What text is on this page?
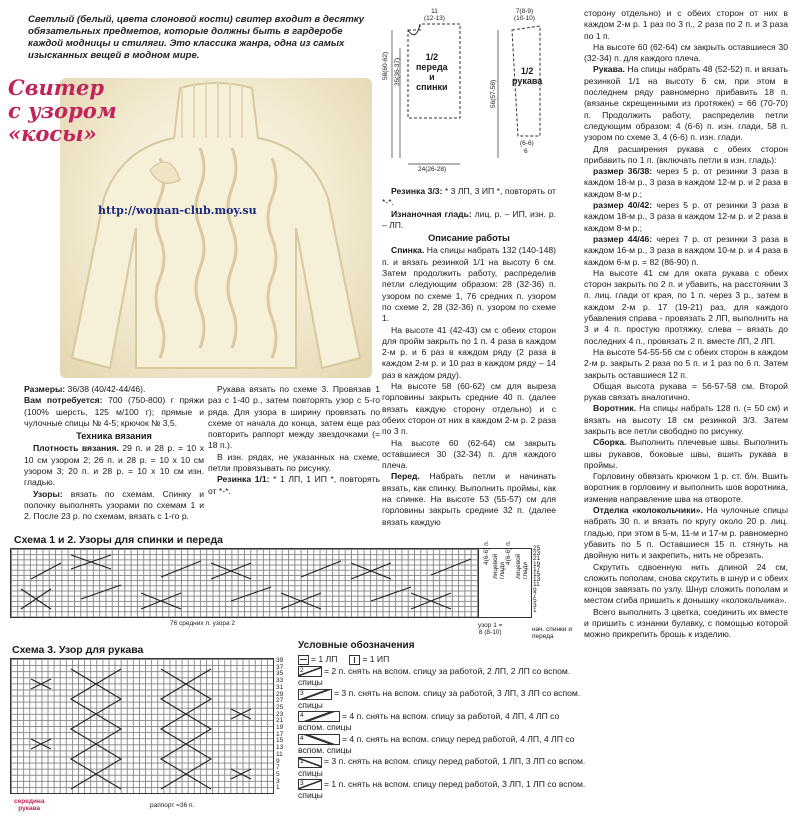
Светлый (белый, цвета слоновой кости) свитер входит в десятку обязательных предметов, которые должны быть в гардеробе каждой модницы и стиляги. Это классика жанра, одна из самых изысканных вещей в модном мире.
http://woman-club.moy.su
Свитер
с узором
«косы»
11
(12-13)
1/2
переда
и
спинки
58(60-62) 35(36-37)
24(26-28)
7(8-9)
(10-10)
1/2
рукава
56(57-58)
(6-6)
6

Размеры: 36/38 (40/42-44/46).

Вам потребуется: 700 (750-800) г пряжи (100% шерсть, 125 м/100 г); прямые и чулочные спицы № 4-5; крючок № 3,5.

Техника вязания

Плотность вязания. 29 п. и 28 р. = 10 х 10 см узором 2; 26 п. и 28 р. = 10 х 10 см узором 3; 20 п. и 28 р. = 10 х 10 см изн. гладью.

Узоры: вязать по схемам. Спинку и полочку выполнять узорами по схемам 1 и 2. После 23 р. по схемам, вязать с 1-го р.

Рукава вязать по схеме 3. Провязав 1 раз с 1-40 р., затем повторять узор с 5-го ряда. Для узора в ширину провязать по схеме от начала до конца, затем еще раз повторить раппорт между звездочками (= 18 п.).

В изн. рядах, не указанных на схеме, петли провязывать по рисунку.

Резинка 1/1: * 1 ЛП, 1 ИП *, повторять от *-*.

Резинка 3/3: * 3 ЛП, 3 ИП *, повторять от *-*.

Изнаночная гладь: лиц. р. – ИП, изн. р. – ЛП.

Описание работы

Спинка. На спицы набрать 132 (140-148) п. и вязать резинкой 1/1 на высоту 6 см. Затем продолжить работу, распределив петли следующим образом: 28 (32-36) п. узором по схеме 1, 76 средних п. узором по схеме 2, 28 (32-36) п. узором по схеме 1.

На высоте 41 (42-43) см с обеих сторон для пройм закрыть по 1 п. 4 раза в каждом 2-м р. и 6 раз в каждом ряду (2 раза в каждом 2-м р. и 10 раз в каждом ряду – 14 раз в каждом ряду).

На высоте 58 (60-62) см для выреза горловины закрыть средние 40 п. (далее вязать каждую сторону отдельно) и с обеих сторон от них в каждом 2-м р. 2 раза по 3 п.

На высоте 60 (62-64) см закрыть оставшиеся 30 (32-34) п. для каждого плеча.

Перед. Набрать петли и начинать вязать, как спинку. Выполнить проймы, как на спинке. На высоте 53 (55-57) см для горловины закрыть средние 32 п. (далее вязать каждую

сторону отдельно) и с обеих сторон от них в каждом 2-м р. 1 раз по 3 п., 2 раза по 2 п. и 3 раза по 1 п.

На высоте 60 (62-64) см закрыть оставшиеся 30 (32-34) п. для каждого плеча.

Рукава. На спицы набрать 48 (52-52) п. и вязать резинкой 1/1 на высоту 6 см, при этом в последнем ряду равномерно прибавить 18 п. (вязанье скрещенными из протяжек) = 66 (70-70) п. Продолжить работу, распределив петли следующим образом: 4 (6-6) п. изн. глади, 58 п. узором по схеме 3, 4 (6-6) п. изн. глади.

Для расширения рукава с обеих сторон прибавить по 1 п. (включать петли в изн. гладь):

размер 36/38: через 5 р. от резинки 3 раза в каждом 18-м р., 3 раза в каждом 12-м р. и 2 раза в каждом 8-м р.;

размер 40/42: через 5 р. от резинки 3 раза в каждом 18-м р., 3 раза в каждом 12-м р. и 2 раза в каждом 8-м р.;

размер 44/46: через 7 р. от резинки 3 раза в каждом 16-м р., 3 раза в каждом 10-м р. и 4 раза в каждом 6-м р. = 82 (86-90) п.

На высоте 41 см для оката рукава с обеих сторон закрыть по 2 п. и убавить, на расстоянии 3 п. лиц. глади от края, по 1 п. через 3 р., затем в каждом 2-м р. 17 (19-21) раз, для каждого убавления справа - провязать 2 ЛП, выполнить на 3 и 4 п. простую протяжку, слева – вязать до последних 4 п., провязать 2 п. вместе ЛП, 2 ЛП.

На высоте 54-55-56 см с обеих сторон в каждом 2-м р. закрыть 2 раза по 5 п. и 1 раз по 6 п. Затем закрыть оставшиеся 12 п.

Общая высота рукава = 56-57-58 см. Второй рукав связать аналогично.

Воротник. На спицы набрать 128 п. (= 50 см) и вязать на высоту 18 см резинкой 3/3. Затем закрыть все петли свободно по рисунку.

Сборка. Выполнить плечевые швы. Выполнить швы рукавов, боковые швы, вшить рукава в проймы.

Горловину обвязать крючком 1 р. ст. б/н. Вшить воротник в горловину и выполнить шов воротника, изменив направление шва на отвороте.

Отделка «колокольчики». На чулочные спицы набрать 30 п. и вязать по кругу около 20 р. лиц. гладью, при этом в 5-м, 11-м и 17-м р. равномерно убавить по 5 п. Оставшиеся 15 п. стянуть на двойную нить и закрепить, нить не обрезать.

Скрутить сдвоенную нить длиной 24 см, сложить пополам, снова скрутить в шнур и с обеих концов завязать по узлу. Шнур сложить пополам и местом сгиба пришить к донышку «колокольчика».

Всего выполнить 3 цветка, соединить их вместе и пришить с изнанки булавку, с помощью которой можно прикрепить брошь к изделию.

Схема 1 и 2. Узоры для спинки и переда
4(6-6) п.
лицевой глади
4(6-6) п.
лицевой глади
25
23
21
19
17
15
13
11
9
7
5
3
1
76 средних п. узора 2	узор 1 =
8 (8-10)	нач. спинки и переда
Схема 3. Узор для рукава
39
37
35
33
31
29
27
25
23
21
19
17
15
13
11
9
7
5
3
1
середина
рукава	раппорт =36 п.
Условные обозначения
= 1 ЛП	= 1 ИП
2 = 2 п. снять на вспом. спицу за работой, 2 ЛП, 2 ЛП со вспом. спицы
3	= 3 п. снять на вспом. спицу за работой, 3 ЛП, 3 ЛП со вспом. спицы
4	= 4 п. снять на вспом. спицу за работой, 4 ЛП, 4 ЛП со вспом. спицы
4	= 4 п. снять на вспом. спицу перед работой, 4 ЛП, 4 ЛП со вспом. спицы
1 = 3 п. снять на вспом. спицу перед работой, 1 ЛП, 3 ЛП со вспом. спицы
3 = 1 п. снять на вспом. спицу перед работой, 3 ЛП, 1 ЛП со вспом. спицы
